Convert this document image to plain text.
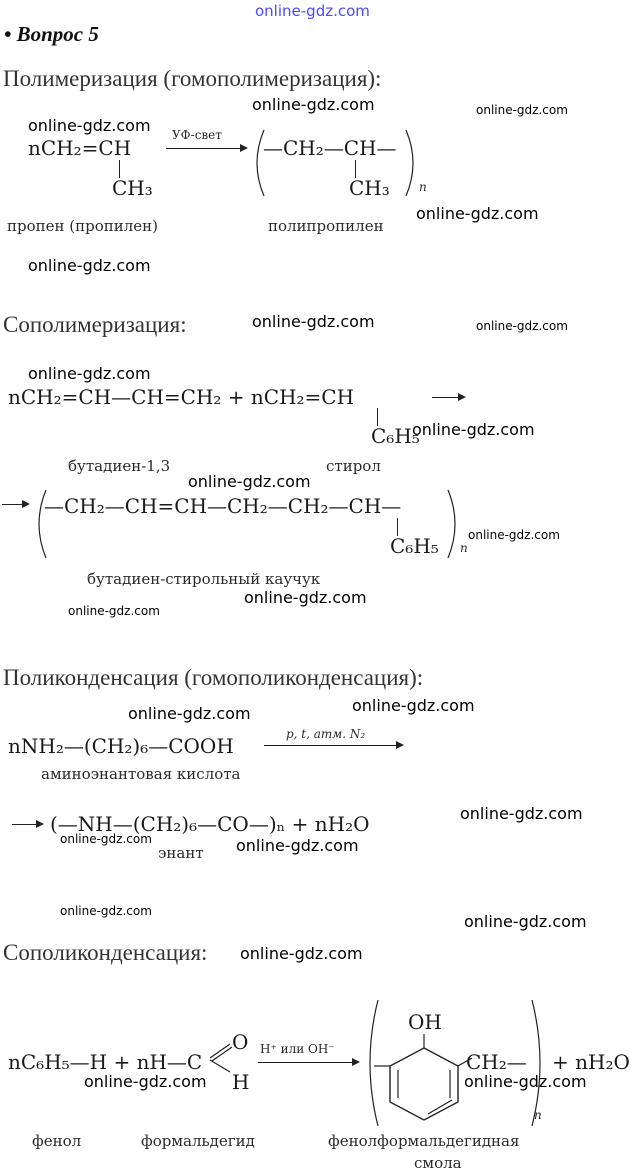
online-gdz.com
• Вопрос 5
Полимеризация (гомополимеризация):
online-gdz.com	online-gdz.com
online-gdz.com
nCH₂=CH
CH₃
УФ-свет
—CH₂—CH—
CH₃ n
online-gdz.com
пропен (пропилен)	полипропилен
online-gdz.com
Сополимеризация:	online-gdz.com	online-gdz.com
online-gdz.com
nCH₂=CH—CH=CH₂ + nCH₂=CH
C₆H₅
online-gdz.com
бутадиен-1,3	стирол
online-gdz.com
—CH₂—CH=CH—CH₂—CH₂—CH—
C₆H₅ n
online-gdz.com
бутадиен-стирольный каучук
online-gdz.com
online-gdz.com
Поликонденсация (гомополиконденсация):
online-gdz.com
online-gdz.com
nNH₂—(CH₂)₆—COOH	p, t, атм. N₂
аминоэнантовая кислота
(—NH—(CH₂)₆—CO—)ₙ + nH₂O	online-gdz.com
online-gdz.com	online-gdz.com
энант
online-gdz.com
online-gdz.com
Сополиконденсация: online-gdz.com
nC₆H₅—H + nH—C
O
H
H⁺ или OH⁻
OH
CH₂—
n
+ nH₂O
online-gdz.com	online-gdz.com
фенол	формальдегид	фенолформальдегидная
смола
